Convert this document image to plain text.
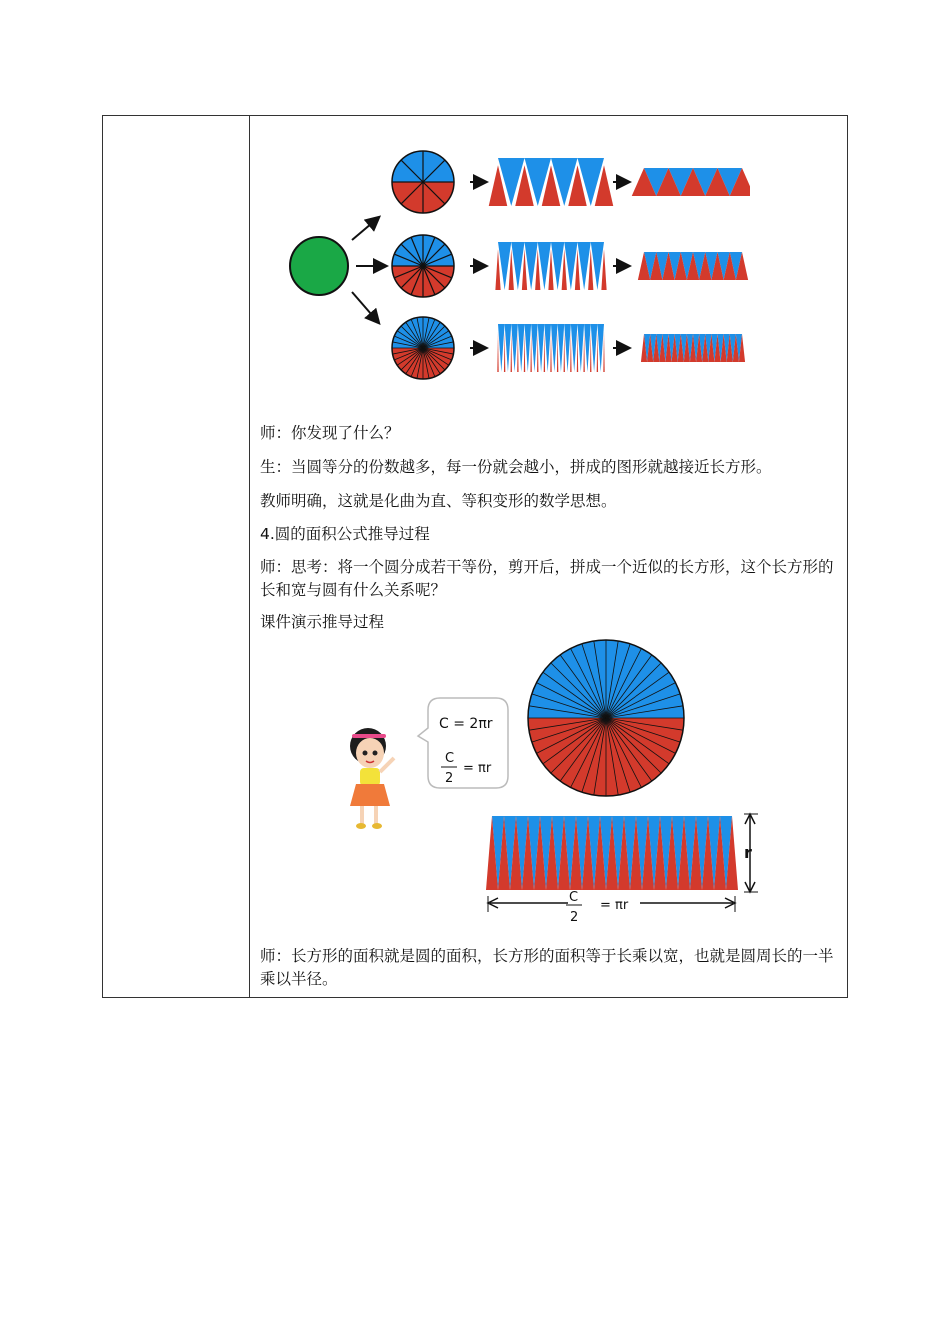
师：你发现了什么？

生：当圆等分的份数越多，每一份就会越小，拼成的图形就越接近长方形。

教师明确，这就是化曲为直、等积变形的数学思想。

4.圆的面积公式推导过程

师：思考：将一个圆分成若干等份，剪开后，拼成一个近似的长方形，这个长方形的长和宽与圆有什么关系呢？

课件演示推导过程

C = 2πr
C
2
= πr
r
C
2
= πr

师：长方形的面积就是圆的面积，长方形的面积等于长乘以宽，也就是圆周长的一半乘以半径。
